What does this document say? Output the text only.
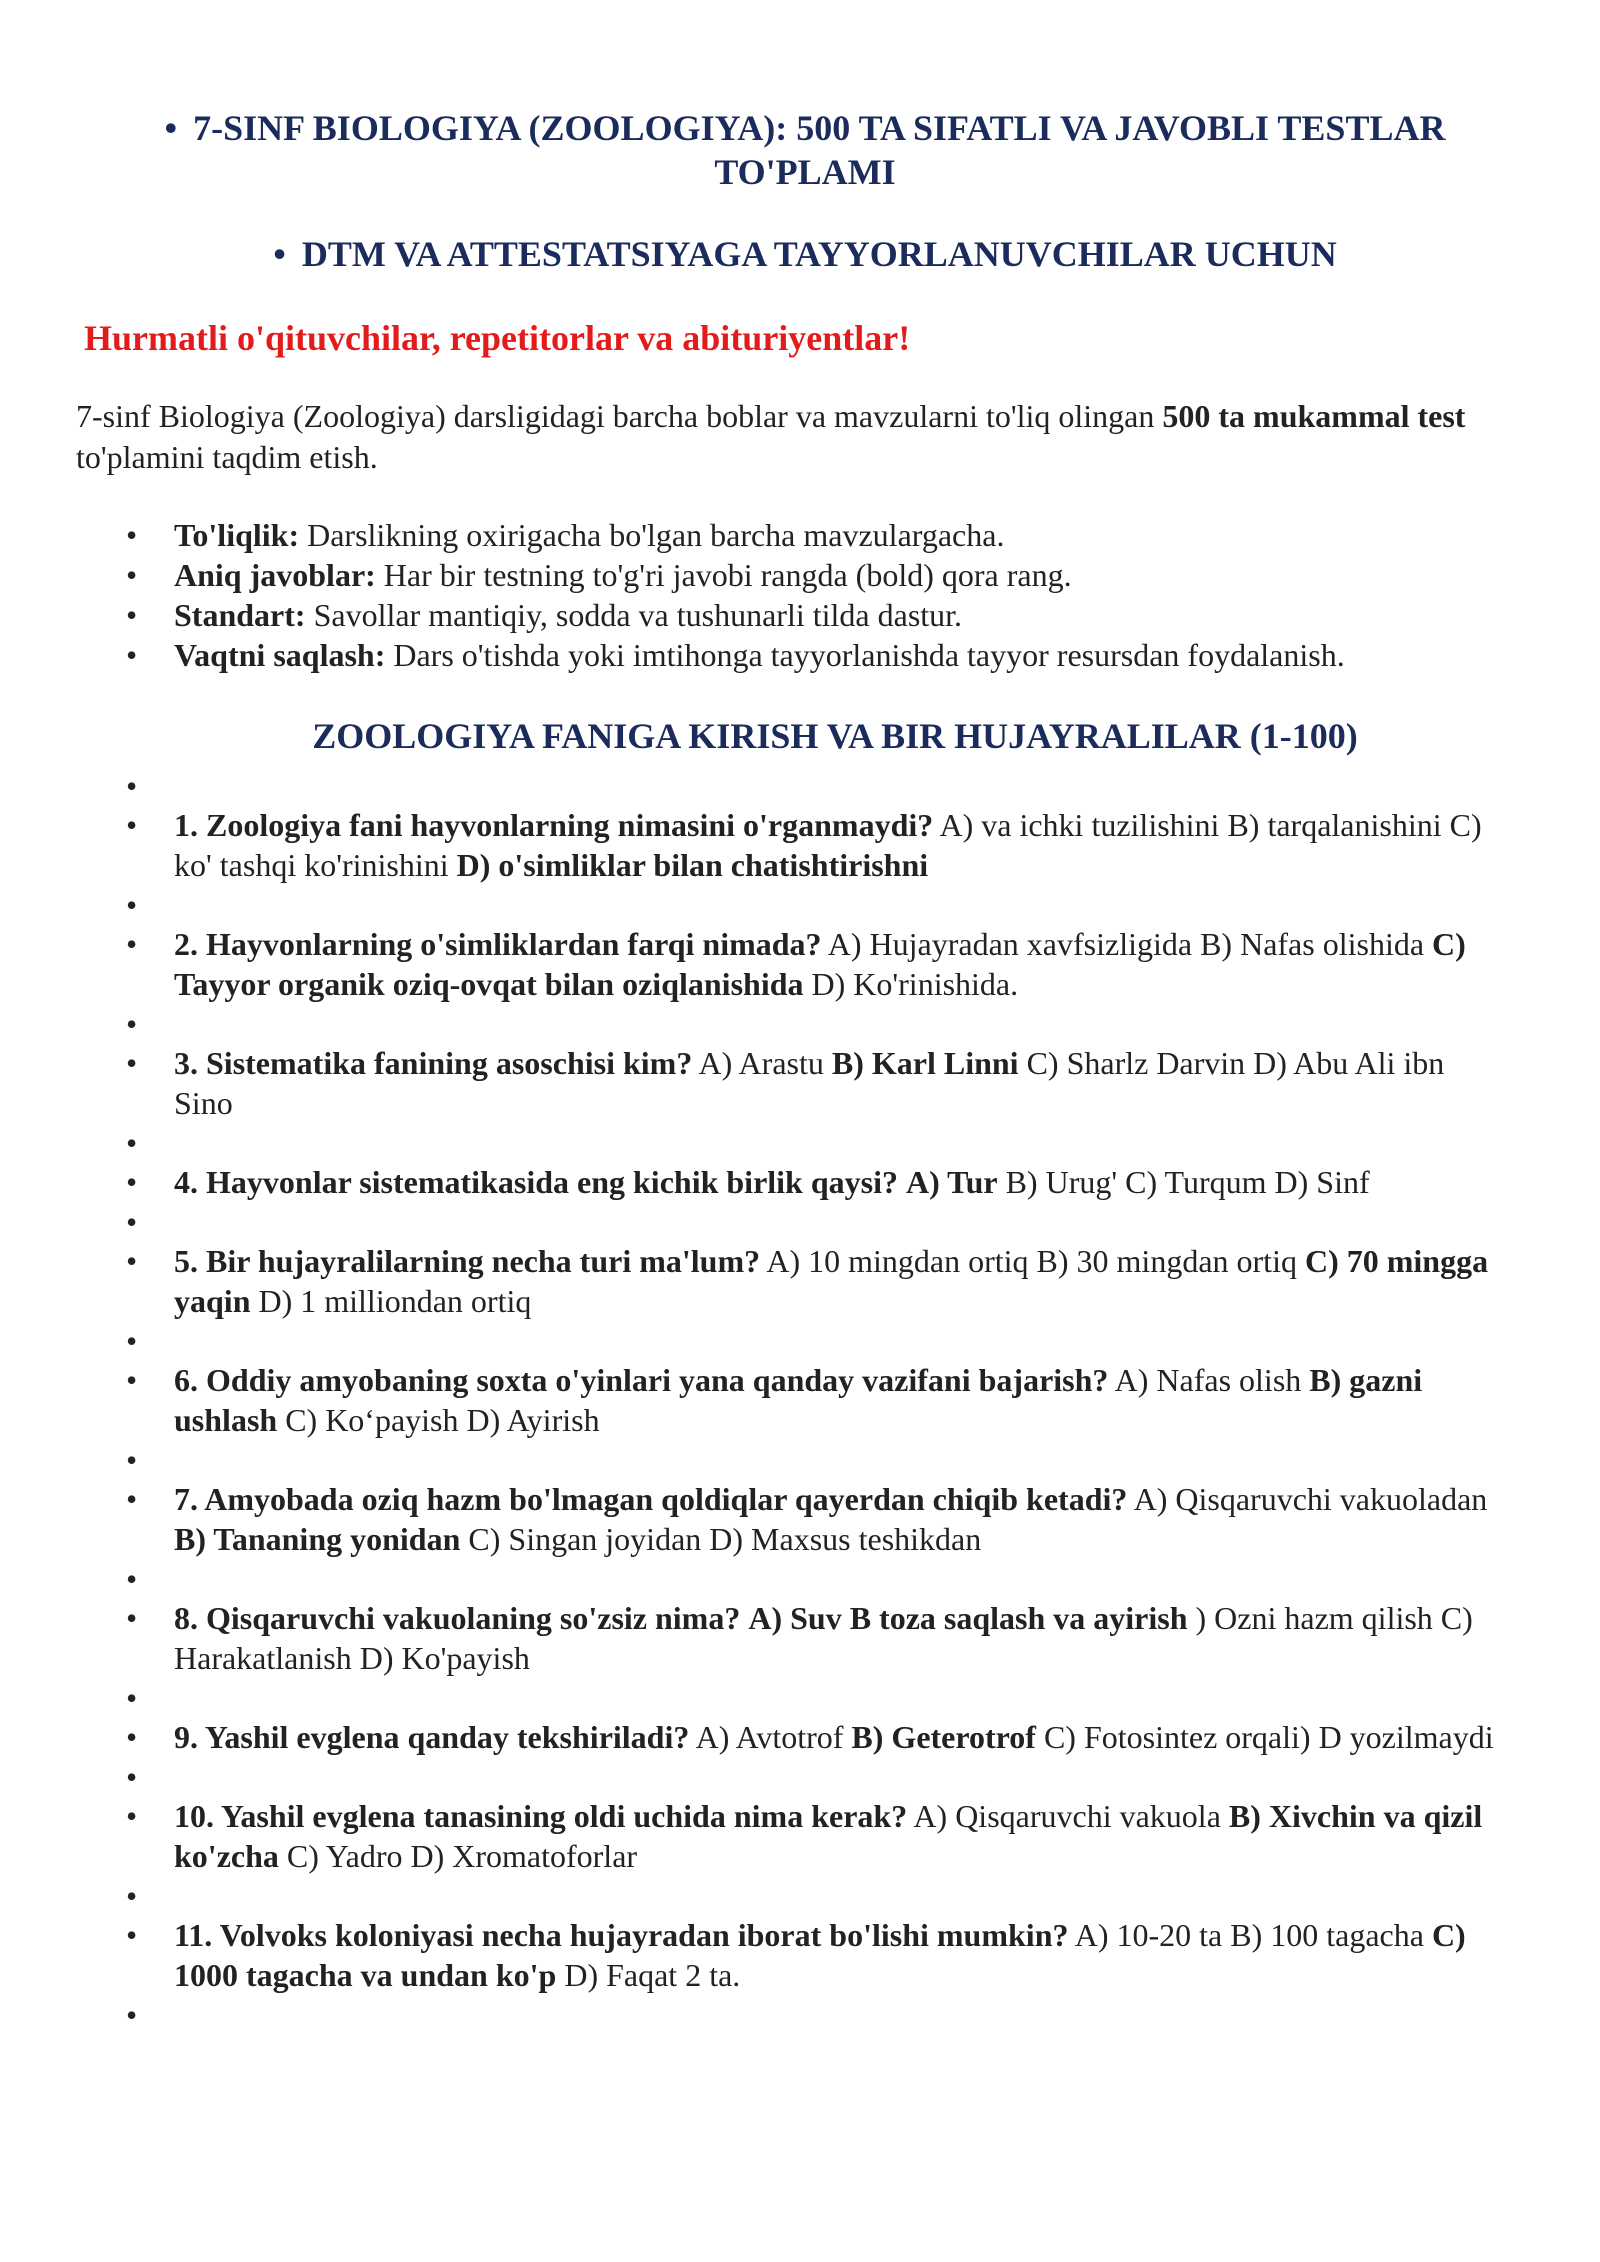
• 7-SINF BIOLOGIYA (ZOOLOGIYA): 500 TA SIFATLI VA JAVOBLI TESTLAR TO'PLAMI
• DTM VA ATTESTATSIYAGA TAYYORLANUVCHILAR UCHUN

Hurmatli o'qituvchilar, repetitorlar va abituriyentlar!

7-sinf Biologiya (Zoologiya) darsligidagi barcha boblar va mavzularni to'liq olingan 500 ta mukammal test to'plamini taqdim etish.

• To'liqlik: Darslikning oxirigacha bo'lgan barcha mavzulargacha.
• Aniq javoblar: Har bir testning to'g'ri javobi rangda (bold) qora rang.
• Standart: Savollar mantiqiy, sodda va tushunarli tilda dastur.
• Vaqtni saqlash: Dars o'tishda yoki imtihonga tayyorlanishda tayyor resursdan foydalanish.
ZOOLOGIYA FANIGA KIRISH VA BIR HUJAYRALILAR (1-100)
•
• 1. Zoologiya fani hayvonlarning nimasini o'rganmaydi? A) va ichki tuzilishini B) tarqalanishini C) ko' tashqi ko'rinishini D) o'simliklar bilan chatishtirishni
•
• 2. Hayvonlarning o'simliklardan farqi nimada? A) Hujayradan xavfsizligida B) Nafas olishida C) Tayyor organik oziq-ovqat bilan oziqlanishida D) Ko'rinishida.
•
• 3. Sistematika fanining asoschisi kim? A) Arastu B) Karl Linni C) Sharlz Darvin D) Abu Ali ibn Sino
•
• 4. Hayvonlar sistematikasida eng kichik birlik qaysi? A) Tur B) Urug' C) Turqum D) Sinf
•
• 5. Bir hujayralilarning necha turi ma'lum? A) 10 mingdan ortiq B) 30 mingdan ortiq C) 70 mingga yaqin D) 1 milliondan ortiq
•
• 6. Oddiy amyobaning soxta o'yinlari yana qanday vazifani bajarish? A) Nafas olish B) gazni ushlash C) Ko‘payish D) Ayirish
•
• 7. Amyobada oziq hazm bo'lmagan qoldiqlar qayerdan chiqib ketadi? A) Qisqaruvchi vakuoladan B) Tananing yonidan C) Singan joyidan D) Maxsus teshikdan
•
• 8. Qisqaruvchi vakuolaning so'zsiz nima? A) Suv B toza saqlash va ayirish ) Ozni hazm qilish C) Harakatlanish D) Ko'payish
•
• 9. Yashil evglena qanday tekshiriladi? A) Avtotrof B) Geterotrof C) Fotosintez orqali) D yozilmaydi
•
• 10. Yashil evglena tanasining oldi uchida nima kerak? A) Qisqaruvchi vakuola B) Xivchin va qizil ko'zcha C) Yadro D) Xromatoforlar
•
• 11. Volvoks koloniyasi necha hujayradan iborat bo'lishi mumkin? A) 10-20 ta B) 100 tagacha C) 1000 tagacha va undan ko'p D) Faqat 2 ta.
•
